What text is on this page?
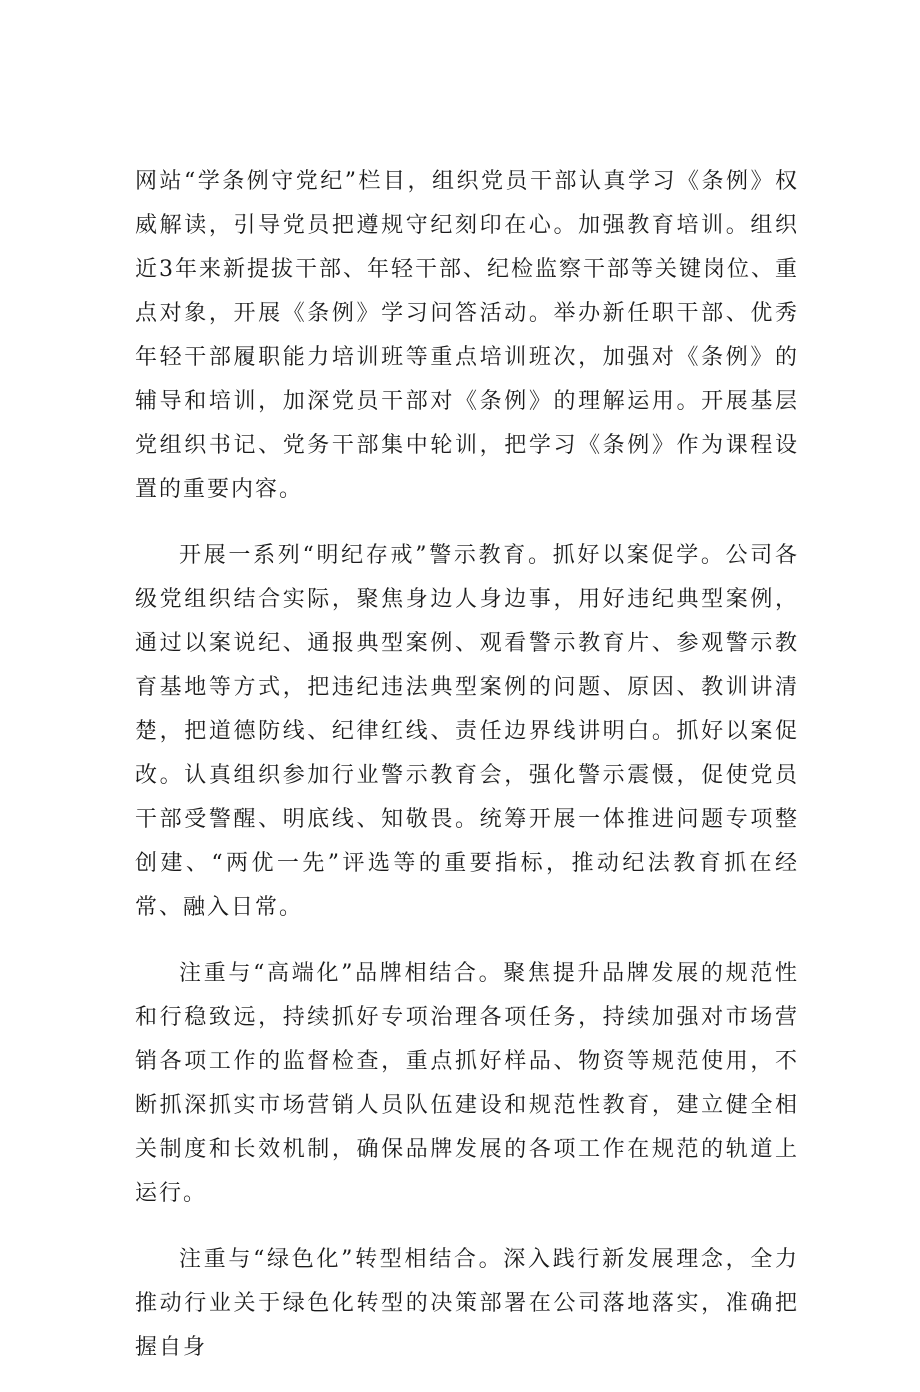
网站“学条例守党纪”栏目，组织党员干部认真学习《条例》权威解读，引导党员把遵规守纪刻印在心。加强教育培训。组织近3年来新提拔干部、年轻干部、纪检监察干部等关键岗位、重点对象，开展《条例》学习问答活动。举办新任职干部、优秀年轻干部履职能力培训班等重点培训班次，加强对《条例》的辅导和培训，加深党员干部对《条例》的理解运用。开展基层党组织书记、党务干部集中轮训，把学习《条例》作为课程设置的重要内容。

开展一系列“明纪存戒”警示教育。抓好以案促学。公司各级党组织结合实际，聚焦身边人身边事，用好违纪典型案例，通过以案说纪、通报典型案例、观看警示教育片、参观警示教育基地等方式，把违纪违法典型案例的问题、原因、教训讲清楚，把道德防线、纪律红线、责任边界线讲明白。抓好以案促改。认真组织参加行业警示教育会，强化警示震慑，促使党员干部受警醒、明底线、知敬畏。统筹开展一体推进问题专项整创建、“两优一先”评选等的重要指标，推动纪法教育抓在经常、融入日常。

注重与“高端化”品牌相结合。聚焦提升品牌发展的规范性和行稳致远，持续抓好专项治理各项任务，持续加强对市场营销各项工作的监督检查，重点抓好样品、物资等规范使用，不断抓深抓实市场营销人员队伍建设和规范性教育，建立健全相关制度和长效机制，确保品牌发展的各项工作在规范的轨道上运行。

注重与“绿色化”转型相结合。深入践行新发展理念，全力推动行业关于绿色化转型的决策部署在公司落地落实，准确把握自身
